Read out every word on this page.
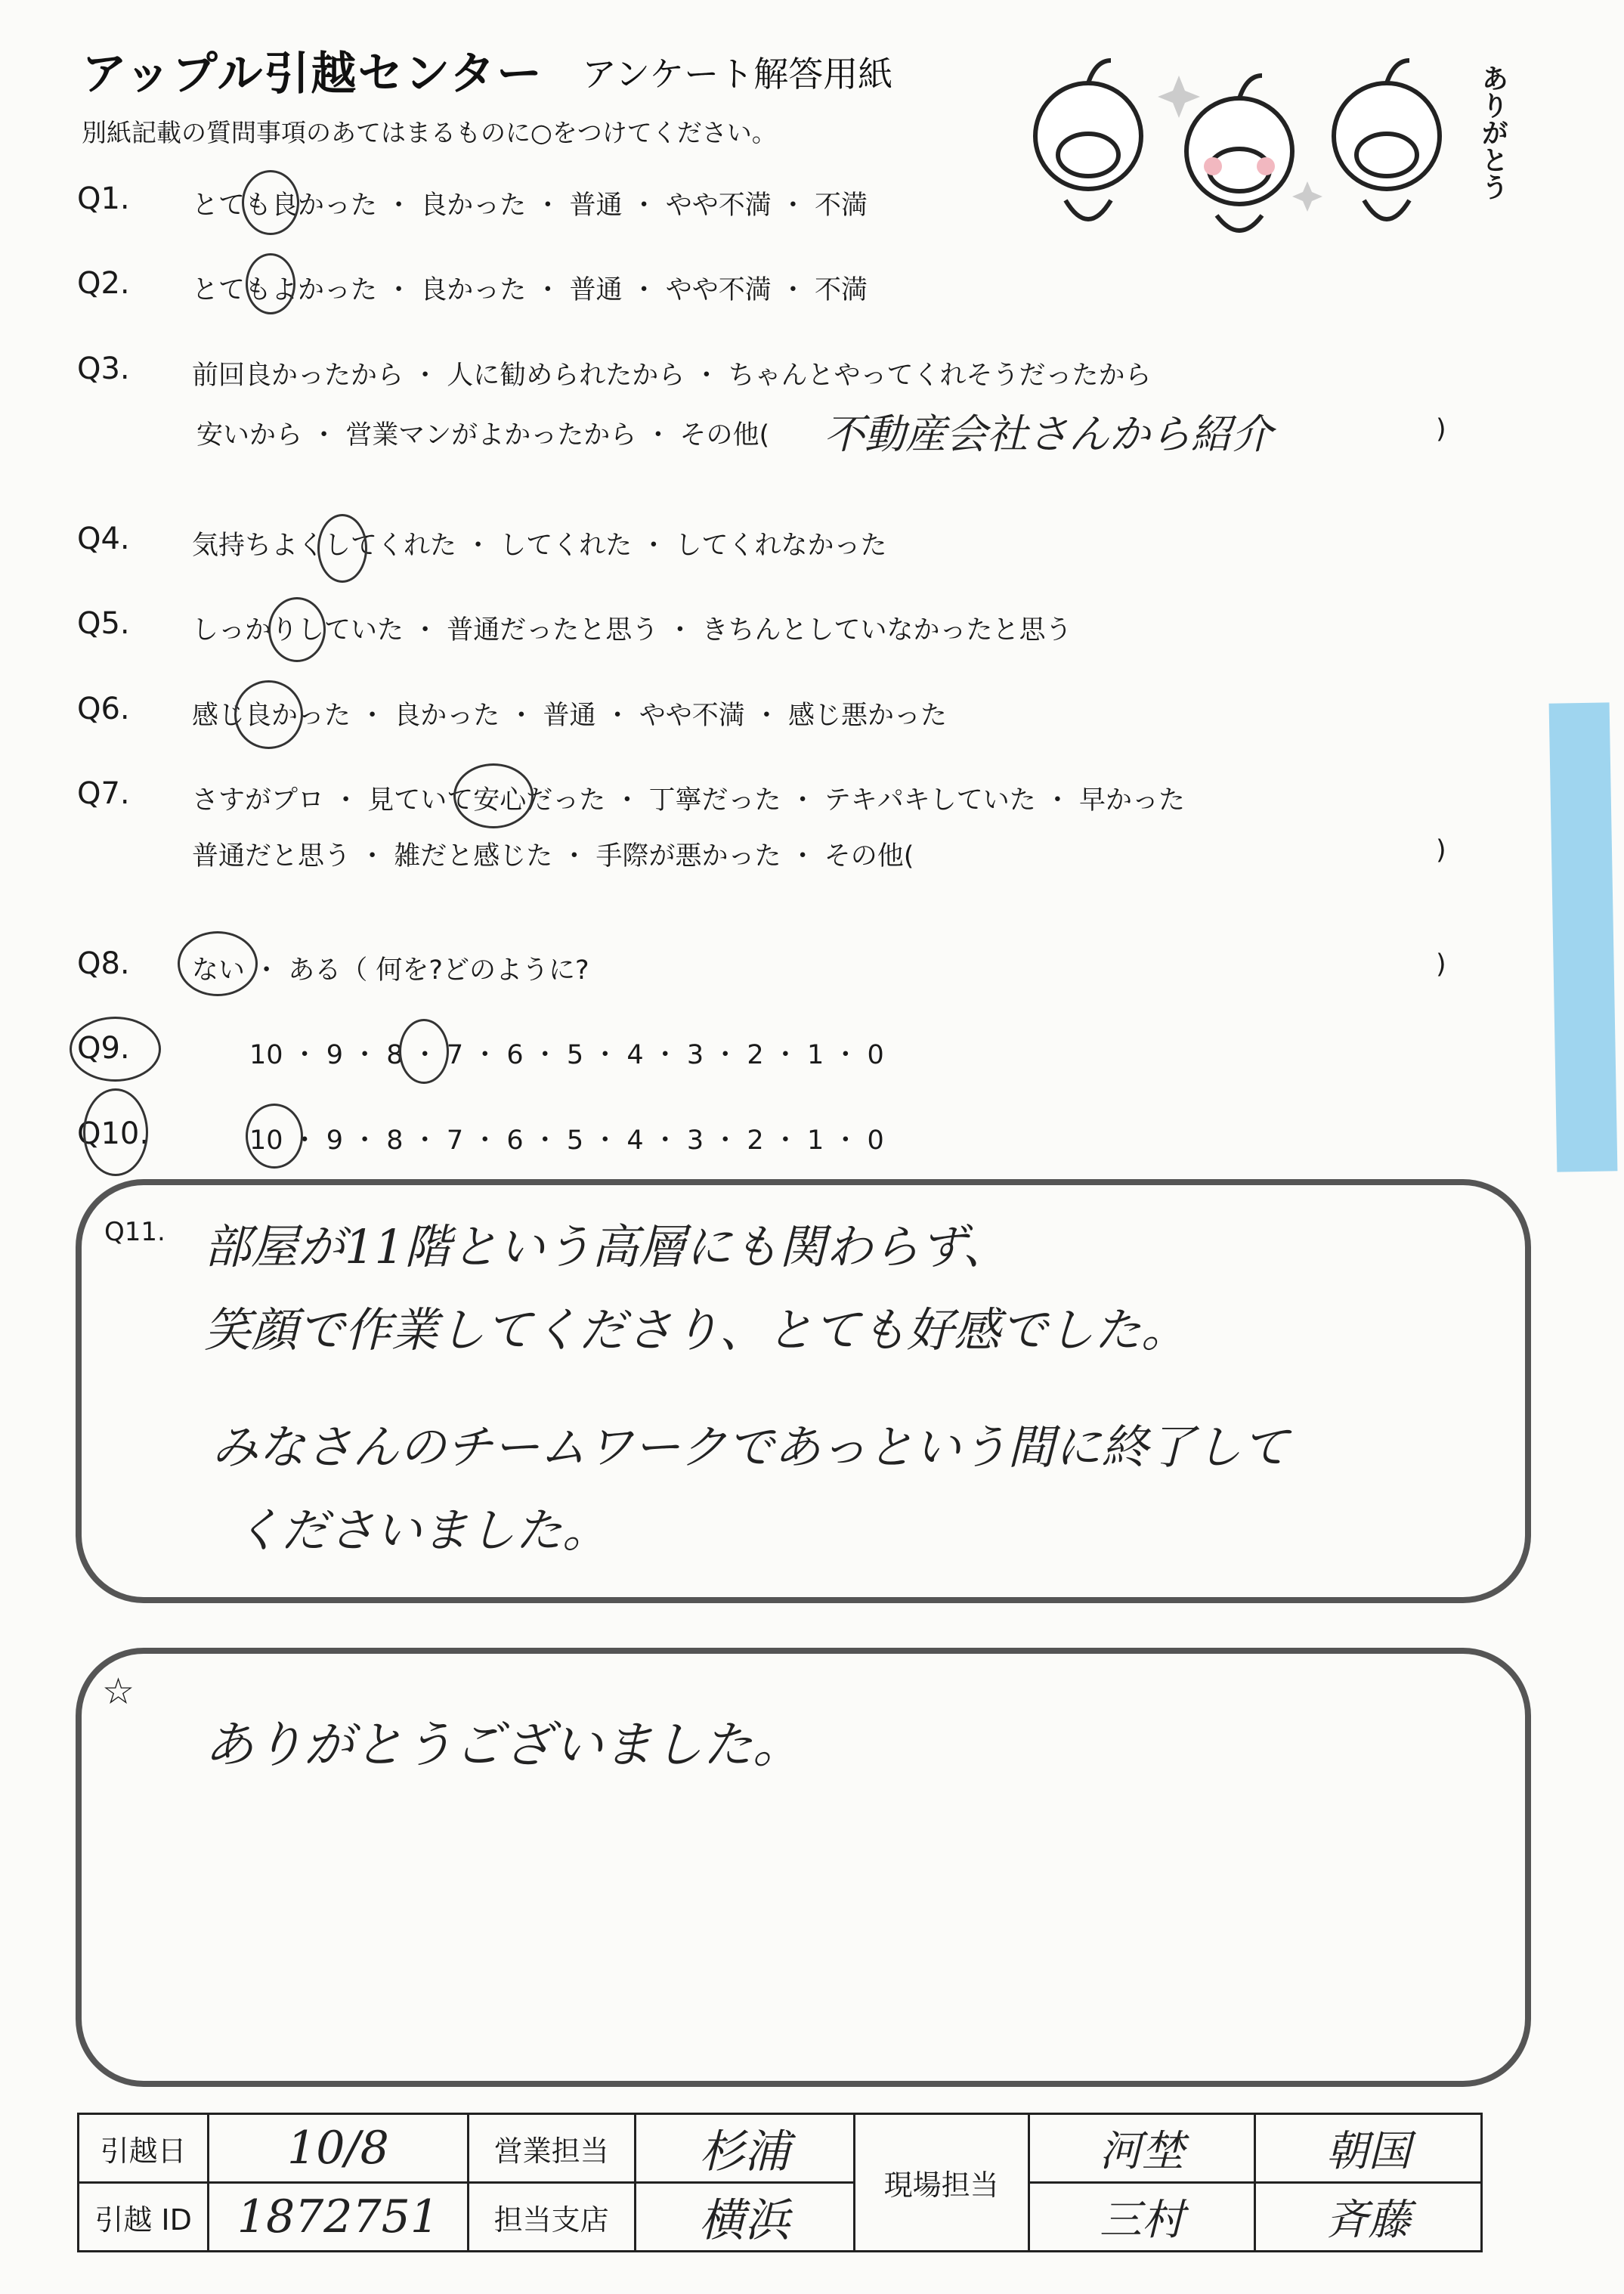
アップル引越センター アンケート解答用紙
別紙記載の質問事項のあてはまるものに○をつけてください。	ありがとう
Q1. とても良かった ・ 良かった ・ 普通 ・ やや不満 ・ 不満
Q2. とてもよかった ・ 良かった ・ 普通 ・ やや不満 ・ 不満
Q3. 前回良かったから ・ 人に勧められたから ・ ちゃんとやってくれそうだったから
安いから ・ 営業マンがよかったから ・ その他( 不動産会社さんから紹介	)
Q4. 気持ちよくしてくれた ・ してくれた ・ してくれなかった
Q5. しっかりしていた ・ 普通だったと思う ・ きちんとしていなかったと思う
Q6. 感じ良かった ・ 良かった ・ 普通 ・ やや不満 ・ 感じ悪かった
Q7. さすがプロ ・ 見ていて安心だった ・ 丁寧だった ・ テキパキしていた ・ 早かった
普通だと思う ・ 雑だと感じた ・ 手際が悪かった ・ その他(	)
Q8. ない ・ ある（ 何を?どのように?	)
Q9.	10 ・ 9 ・ 8 ・ 7 ・ 6 ・ 5 ・ 4 ・ 3 ・ 2 ・ 1 ・ 0
Q10.	10 ・ 9 ・ 8 ・ 7 ・ 6 ・ 5 ・ 4 ・ 3 ・ 2 ・ 1 ・ 0
Q11. 部屋が11階という高層にも関わらず、
笑顔で作業してくださり、とても好感でした。
みなさんのチームワークであっという間に終了して
くださいました。
☆
ありがとうございました。
引越日	10/8	営業担当	杉浦	現場担当	河埜	朝国
引越 ID	1872751	担当支店	横浜		三村	斉藤
